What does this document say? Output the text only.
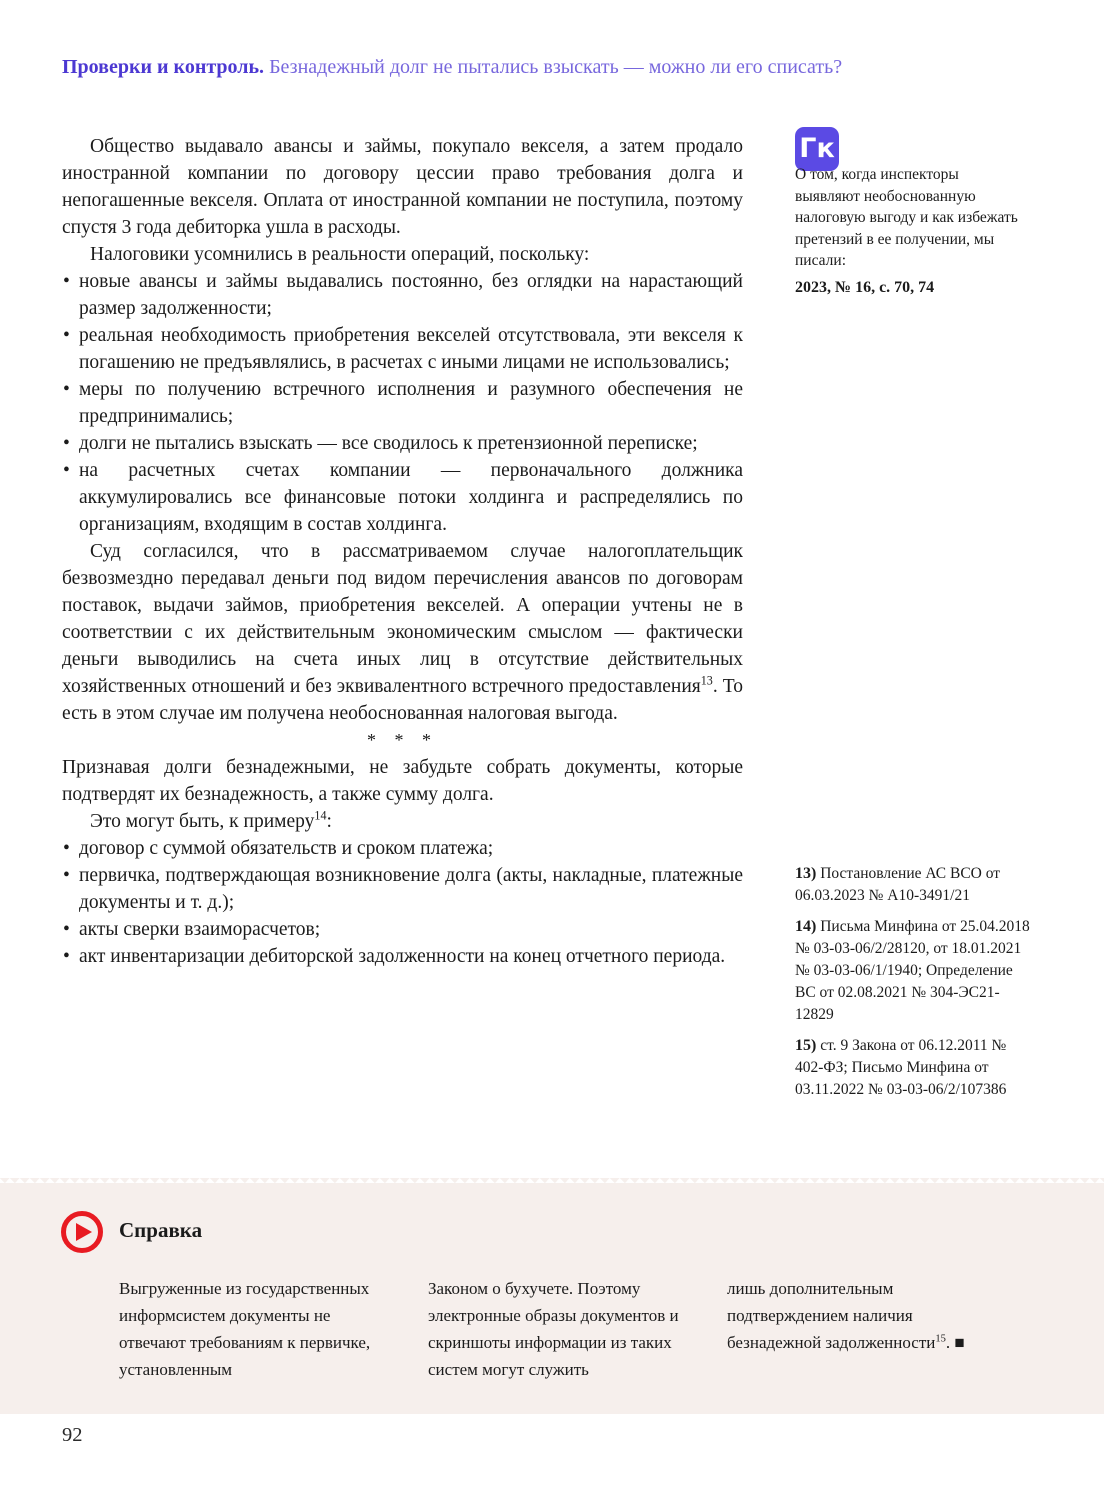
Проверки и контроль. Безнадежный долг не пытались взыскать — можно ли его списать?

Общество выдавало авансы и займы, покупало векселя, а затем продало иностранной компании по договору цессии право требования долга и непогашенные векселя. Оплата от иностранной компании не поступила, поэтому спустя 3 года дебиторка ушла в расходы.

Налоговики усомнились в реальности операций, поскольку:

• новые авансы и займы выдавались постоянно, без оглядки на нарастающий размер задолженности;
• реальная необходимость приобретения векселей отсутствовала, эти векселя к погашению не предъявлялись, в расчетах с иными лицами не использовались;
• меры по получению встречного исполнения и разумного обеспечения не предпринимались;
• долги не пытались взыскать — все сводилось к претензионной переписке;
• на расчетных счетах компании — первоначального должника аккумулировались все финансовые потоки холдинга и распределялись по организациям, входящим в состав холдинга.

Суд согласился, что в рассматриваемом случае налогоплательщик безвозмездно передавал деньги под видом перечисления авансов по договорам поставок, выдачи займов, приобретения векселей. А операции учтены не в соответствии с их действительным экономическим смыслом — фактически деньги выводились на счета иных лиц в отсутствие действительных хозяйственных отношений и без эквивалентного встречного предоставления$^{13}$. То есть в этом случае им получена необоснованная налоговая выгода.

* * *

Признавая долги безнадежными, не забудьте собрать документы, которые подтвердят их безнадежность, а также сумму долга.

Это могут быть, к примеру$^{14}$:

• договор с суммой обязательств и сроком платежа;
• первичка, подтверждающая возникновение долга (акты, накладные, платежные документы и т. д.);
• акты сверки взаиморасчетов;
• акт инвентаризации дебиторской задолженности на конец отчетного периода.
Гк
О том, когда инспекторы выявляют необоснованную налоговую выгоду и как избежать претензий в ее получении, мы писали:
2023, № 16, с. 70, 74
13) Постановление АС ВСО от 06.03.2023 № А10-3491/21
14) Письма Минфина от 25.04.2018 № 03-03-06/2/28120, от 18.01.2021 № 03-03-06/1/1940; Определение ВС от 02.08.2021 № 304-ЭС21-12829
15) ст. 9 Закона от 06.12.2011 № 402-ФЗ; Письмо Минфина от 03.11.2022 № 03-03-06/2/107386
Справка
Выгруженные из государственных информсистем документы не отвечают требованиям к первичке, установленным
Законом о бухучете. Поэтому электронные образы документов и скриншоты информации из таких систем могут служить
лишь дополнительным подтверждением наличия безнадежной задолженности$^{15}$. ■
92
